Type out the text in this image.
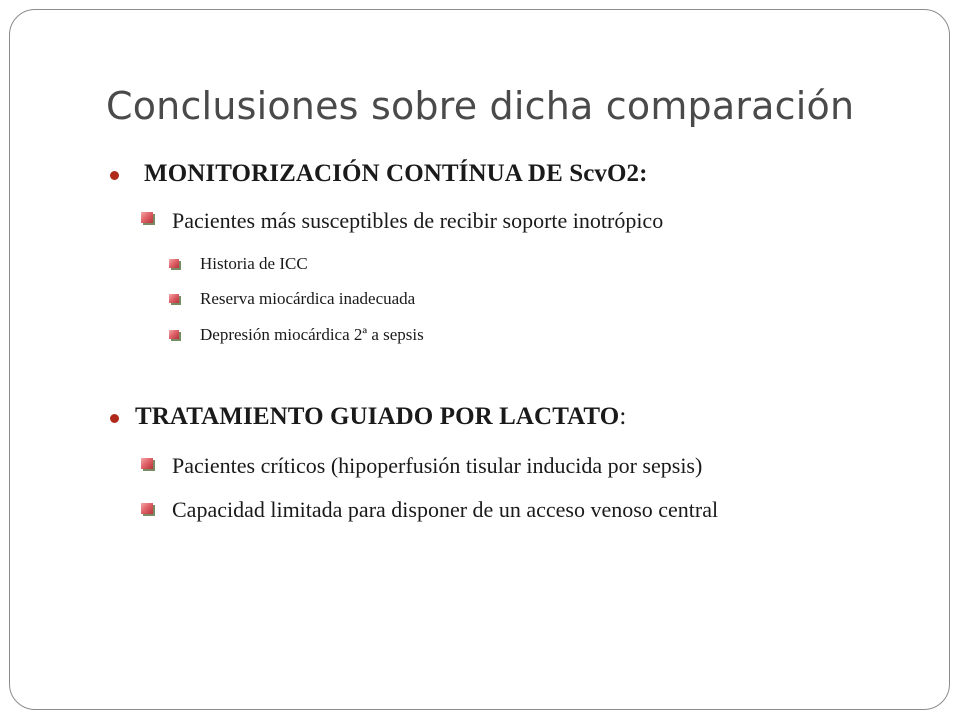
Conclusiones sobre dicha comparación
MONITORIZACIÓN CONTÍNUA DE ScvO2:
Pacientes más susceptibles de recibir soporte inotrópico
Historia de ICC
Reserva miocárdica inadecuada
Depresión miocárdica 2ª a sepsis
TRATAMIENTO GUIADO POR LACTATO:
Pacientes críticos (hipoperfusión tisular inducida por sepsis)
Capacidad limitada para disponer de un acceso venoso central
